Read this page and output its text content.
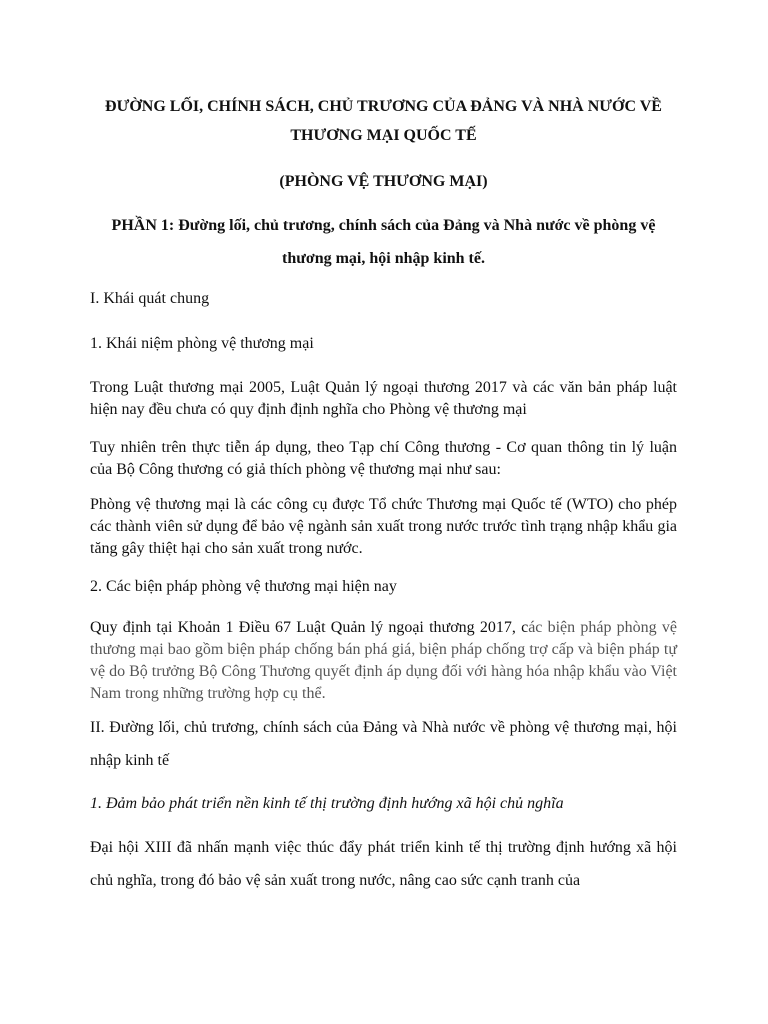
ĐƯỜNG LỐI, CHÍNH SÁCH, CHỦ TRƯƠNG CỦA ĐẢNG VÀ NHÀ NƯỚC VỀ THƯƠNG MẠI QUỐC TẾ

(PHÒNG VỆ THƯƠNG MẠI)

PHẦN 1: Đường lối, chủ trương, chính sách của Đảng và Nhà nước về phòng vệ thương mại, hội nhập kinh tế.

I. Khái quát chung

1. Khái niệm phòng vệ thương mại

Trong Luật thương mại 2005, Luật Quản lý ngoại thương 2017 và các văn bản pháp luật hiện nay đều chưa có quy định định nghĩa cho Phòng vệ thương mại

Tuy nhiên trên thực tiễn áp dụng, theo Tạp chí Công thương - Cơ quan thông tin lý luận của Bộ Công thương có giả thích phòng vệ thương mại như sau:

Phòng vệ thương mại là các công cụ được Tổ chức Thương mại Quốc tế (WTO) cho phép các thành viên sử dụng để bảo vệ ngành sản xuất trong nước trước tình trạng nhập khẩu gia tăng gây thiệt hại cho sản xuất trong nước.

2. Các biện pháp phòng vệ thương mại hiện nay

Quy định tại Khoản 1 Điều 67 Luật Quản lý ngoại thương 2017, các biện pháp phòng vệ thương mại bao gồm biện pháp chống bán phá giá, biện pháp chống trợ cấp và biện pháp tự vệ do Bộ trưởng Bộ Công Thương quyết định áp dụng đối với hàng hóa nhập khẩu vào Việt Nam trong những trường hợp cụ thể.

II. Đường lối, chủ trương, chính sách của Đảng và Nhà nước về phòng vệ thương mại, hội nhập kinh tế

1. Đảm bảo phát triển nền kinh tế thị trường định hướng xã hội chủ nghĩa

Đại hội XIII đã nhấn mạnh việc thúc đẩy phát triển kinh tế thị trường định hướng xã hội chủ nghĩa, trong đó bảo vệ sản xuất trong nước, nâng cao sức cạnh tranh của
